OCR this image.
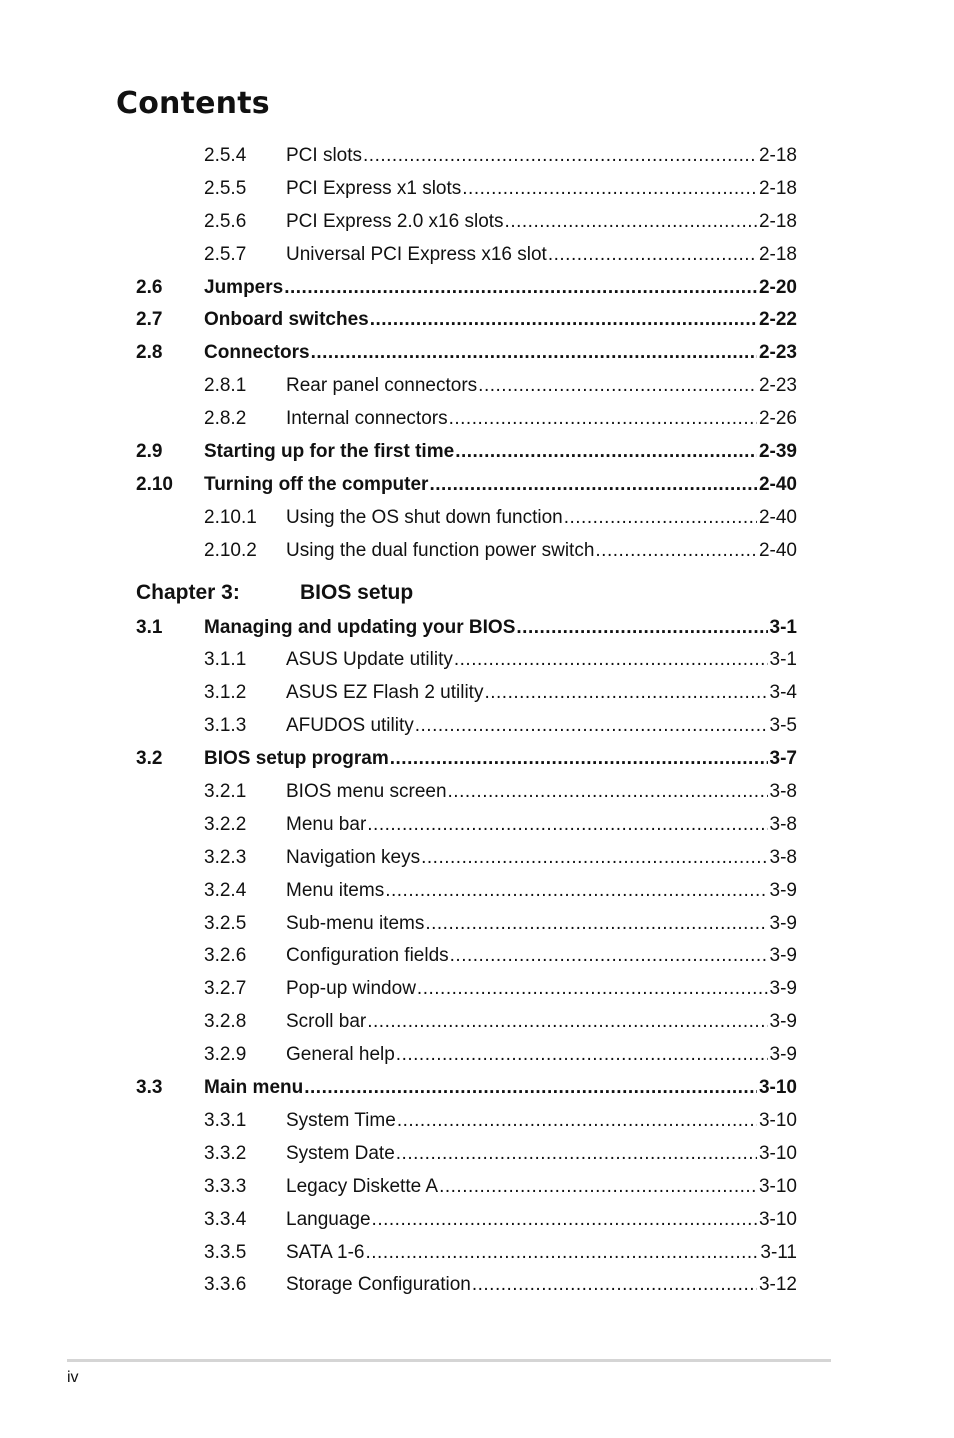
Contents
2.5.4 PCI slots .....	2-18
2.5.5 PCI Express x1 slots .....	2-18
2.5.6 PCI Express 2.0 x16 slots .....	2-18
2.5.7 Universal PCI Express x16 slot .....	2-18
2.6 Jumpers .....	2-20
2.7 Onboard switches .....	2-22
2.8 Connectors .....	2-23
2.8.1 Rear panel connectors .....	2-23
2.8.2 Internal connectors .....	2-26
2.9 Starting up for the first time .....	2-39
2.10 Turning off the computer .....	2-40
2.10.1 Using the OS shut down function .....	2-40
2.10.2 Using the dual function power switch .....	2-40
Chapter 3:	BIOS setup
3.1 Managing and updating your BIOS .....	3-1
3.1.1 ASUS Update utility .....	3-1
3.1.2 ASUS EZ Flash 2 utility .....	3-4
3.1.3 AFUDOS utility .....	3-5
3.2 BIOS setup program .....	3-7
3.2.1 BIOS menu screen .....	3-8
3.2.2 Menu bar .....	3-8
3.2.3 Navigation keys .....	3-8
3.2.4 Menu items .....	3-9
3.2.5 Sub-menu items .....	3-9
3.2.6 Configuration fields .....	3-9
3.2.7 Pop-up window .....	3-9
3.2.8 Scroll bar .....	3-9
3.2.9 General help .....	3-9
3.3 Main menu .....	3-10
3.3.1 System Time .....	3-10
3.3.2 System Date .....	3-10
3.3.3 Legacy Diskette A .....	3-10
3.3.4 Language .....	3-10
3.3.5 SATA 1-6 .....	3-11
3.3.6 Storage Configuration .....	3-12
iv
